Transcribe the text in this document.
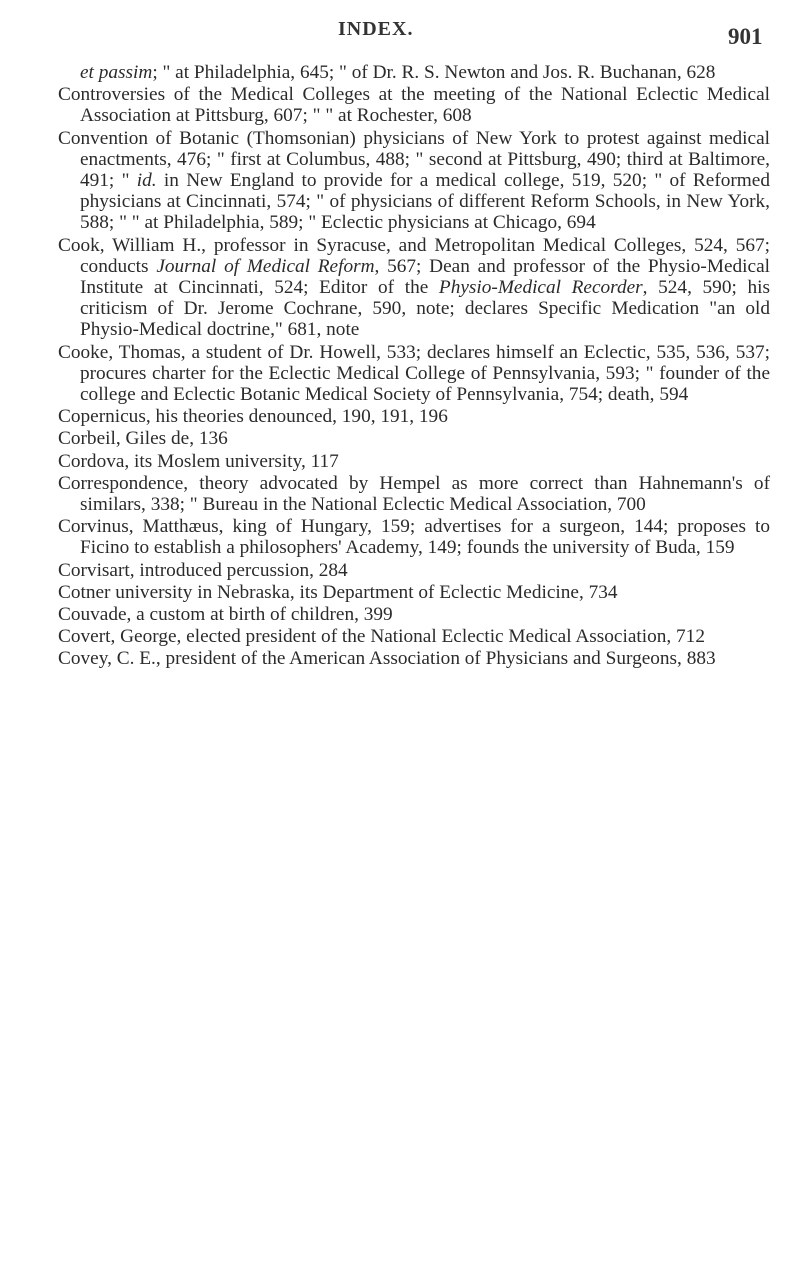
INDEX.	901

et passim; " at Philadelphia, 645; " of Dr. R. S. Newton and Jos. R. Buchanan, 628

Controversies of the Medical Colleges at the meeting of the National Eclectic Medical Association at Pittsburg, 607; " " at Rochester, 608

Convention of Botanic (Thomsonian) physicians of New York to protest against medical enactments, 476; " first at Columbus, 488; " second at Pittsburg, 490; third at Baltimore, 491; " id. in New England to provide for a medical college, 519, 520; " of Reformed physicians at Cincinnati, 574; " of physicians of different Reform Schools, in New York, 588; " " at Philadelphia, 589; " Eclectic physicians at Chicago, 694

Cook, William H., professor in Syracuse, and Metropolitan Medical Colleges, 524, 567; conducts Journal of Medical Reform, 567; Dean and professor of the Physio-Medical Institute at Cincinnati, 524; Editor of the Physio-Medical Recorder, 524, 590; his criticism of Dr. Jerome Cochrane, 590, note; declares Specific Medication "an old Physio-Medical doctrine," 681, note

Cooke, Thomas, a student of Dr. Howell, 533; declares himself an Eclectic, 535, 536, 537; procures charter for the Eclectic Medical College of Pennsylvania, 593; " founder of the college and Eclectic Botanic Medical Society of Pennsylvania, 754; death, 594

Copernicus, his theories denounced, 190, 191, 196

Corbeil, Giles de, 136

Cordova, its Moslem university, 117

Correspondence, theory advocated by Hempel as more correct than Hahnemann's of similars, 338; " Bureau in the National Eclectic Medical Association, 700

Corvinus, Matthæus, king of Hungary, 159; advertises for a surgeon, 144; proposes to Ficino to establish a philosophers' Academy, 149; founds the university of Buda, 159

Corvisart, introduced percussion, 284

Cotner university in Nebraska, its Department of Eclectic Medicine, 734

Couvade, a custom at birth of children, 399

Covert, George, elected president of the National Eclectic Medical Association, 712

Covey, C. E., president of the American Association of Physicians and Surgeons, 883
